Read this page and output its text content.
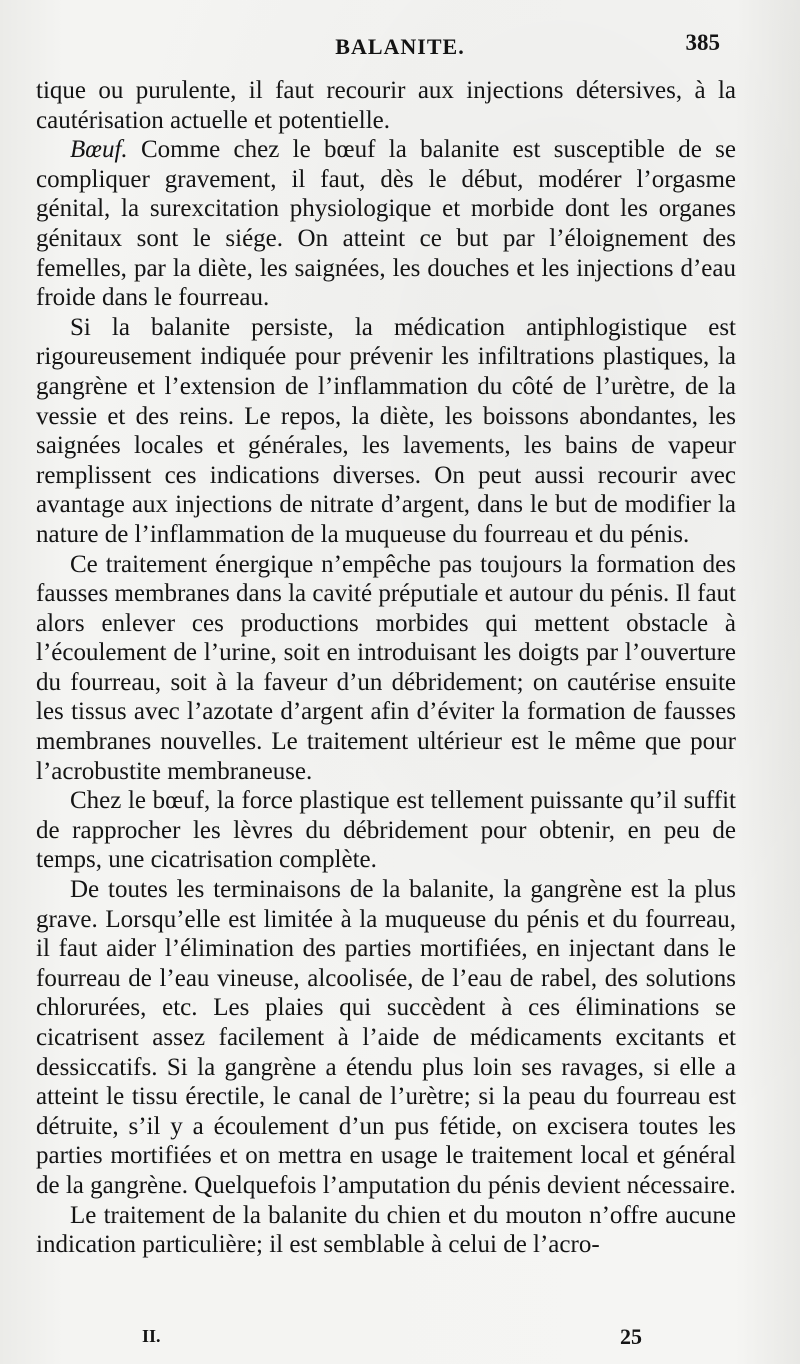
BALANITE.	385

tique ou purulente, il faut recourir aux injections détersives, à la cautérisation actuelle et potentielle.

Bœuf. Comme chez le bœuf la balanite est susceptible de se compliquer gravement, il faut, dès le début, modérer l’orgasme génital, la surexcitation physiologique et morbide dont les organes génitaux sont le siége. On atteint ce but par l’éloignement des femelles, par la diète, les saignées, les douches et les injections d’eau froide dans le fourreau.

Si la balanite persiste, la médication antiphlogistique est rigoureusement indiquée pour prévenir les infiltrations plastiques, la gangrène et l’extension de l’inflammation du côté de l’urètre, de la vessie et des reins. Le repos, la diète, les boissons abondantes, les saignées locales et générales, les lavements, les bains de vapeur remplissent ces indications diverses. On peut aussi recourir avec avantage aux injections de nitrate d’argent, dans le but de modifier la nature de l’inflammation de la muqueuse du fourreau et du pénis.

Ce traitement énergique n’empêche pas toujours la formation des fausses membranes dans la cavité préputiale et autour du pénis. Il faut alors enlever ces productions morbides qui mettent obstacle à l’écoulement de l’urine, soit en introduisant les doigts par l’ouverture du fourreau, soit à la faveur d’un débridement; on cautérise ensuite les tissus avec l’azotate d’argent afin d’éviter la formation de fausses membranes nouvelles. Le traitement ultérieur est le même que pour l’acrobustite membraneuse.

Chez le bœuf, la force plastique est tellement puissante qu’il suffit de rapprocher les lèvres du débridement pour obtenir, en peu de temps, une cicatrisation complète.

De toutes les terminaisons de la balanite, la gangrène est la plus grave. Lorsqu’elle est limitée à la muqueuse du pénis et du fourreau, il faut aider l’élimination des parties mortifiées, en injectant dans le fourreau de l’eau vineuse, alcoolisée, de l’eau de rabel, des solutions chlorurées, etc. Les plaies qui succèdent à ces éliminations se cicatrisent assez facilement à l’aide de médicaments excitants et dessiccatifs. Si la gangrène a étendu plus loin ses ravages, si elle a atteint le tissu érectile, le canal de l’urètre; si la peau du fourreau est détruite, s’il y a écoulement d’un pus fétide, on excisera toutes les parties mortifiées et on mettra en usage le traitement local et général de la gangrène. Quelquefois l’amputation du pénis devient nécessaire.

Le traitement de la balanite du chien et du mouton n’offre aucune indication particulière; il est semblable à celui de l’acro-

II.	25
